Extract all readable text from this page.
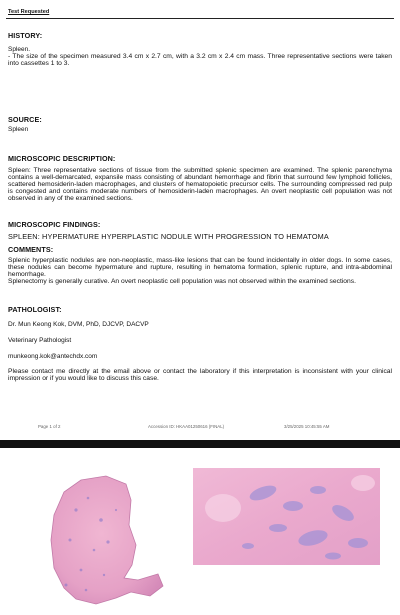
Test Requested
HISTORY:
Spleen.
- The size of the specimen measured 3.4 cm x 2.7 cm, with a 3.2 cm x 2.4 cm mass. Three representative sections were taken into cassettes 1 to 3.
SOURCE:
Spleen
MICROSCOPIC DESCRIPTION:
Spleen: Three representative sections of tissue from the submitted splenic specimen are examined. The splenic parenchyma contains a well-demarcated, expansile mass consisting of abundant hemorrhage and fibrin that surround few lymphoid follicles, scattered hemosiderin-laden macrophages, and clusters of hematopoietic precursor cells. The surrounding compressed red pulp is congested and contains moderate numbers of hemosiderin-laden macrophages. An overt neoplastic cell population was not observed in any of the examined sections.
MICROSCOPIC FINDINGS:
SPLEEN: HYPERMATURE HYPERPLASTIC NODULE WITH PROGRESSION TO HEMATOMA
COMMENTS:
Splenic hyperplastic nodules are non-neoplastic, mass-like lesions that can be found incidentally in older dogs. In some cases, these nodules can become hypermature and rupture, resulting in hematoma formation, splenic rupture, and intra-abdominal hemorrhage.
Splenectomy is generally curative. An overt neoplastic cell population was not observed within the examined sections.
PATHOLOGIST:
Dr. Mun Keong Kok, DVM, PhD, DJCVP, DACVP
Veterinary Pathologist
munkeong.kok@antechdx.com
Please contact me directly at the email above or contact the laboratory if this interpretation is inconsistent with your clinical impression or if you would like to discuss this case.
Page 1 of 2	Accession ID: HKAA01250616 (FINAL)	3/25/2025 10:45:55 AM
